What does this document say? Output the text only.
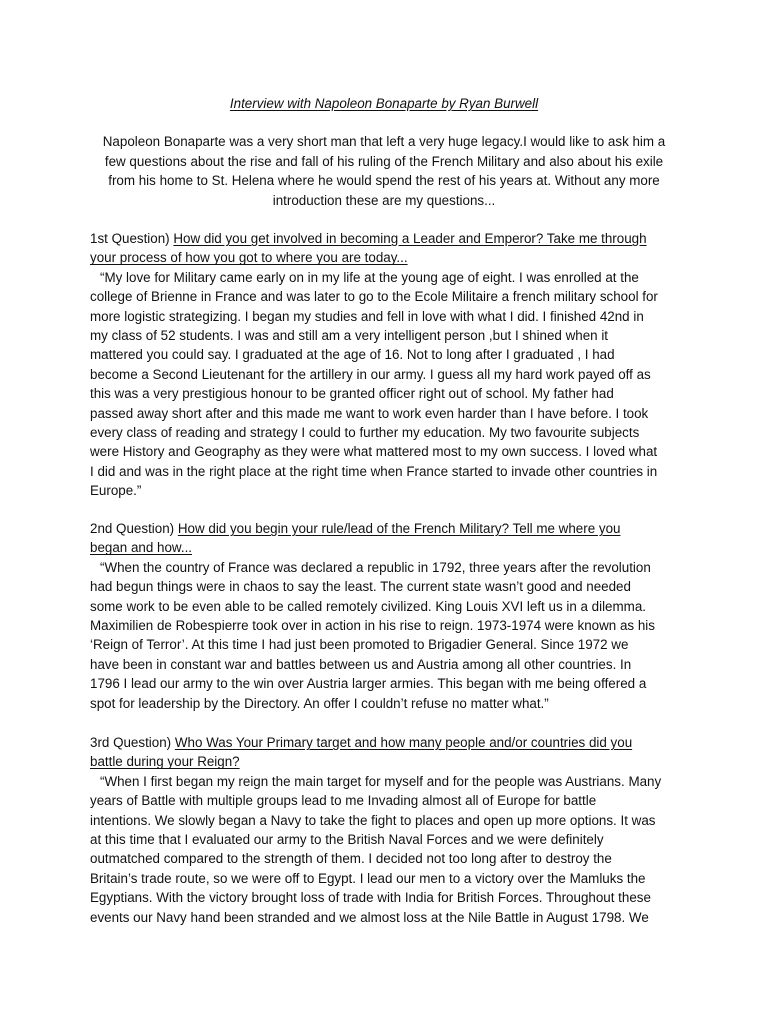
Interview with Napoleon Bonaparte by Ryan Burwell
Napoleon Bonaparte was a very short man that left a very huge legacy.I would like to ask him a
few questions about the rise and fall of his ruling of the French Military and also about his exile
from his home to St. Helena where he would spend the rest of his years at. Without any more
introduction these are my questions...
1st Question) How did you get involved in becoming a Leader and Emperor? Take me through
your process of how you got to where you are today...
“My love for Military came early on in my life at the young age of eight. I was enrolled at the
college of Brienne in France and was later to go to the Ecole Militaire a french military school for
more logistic strategizing. I began my studies and fell in love with what I did. I finished 42nd in
my class of 52 students. I was and still am a very intelligent person ,but I shined when it
mattered you could say. I graduated at the age of 16. Not to long after I graduated , I had
become a Second Lieutenant for the artillery in our army. I guess all my hard work payed off as
this was a very prestigious honour to be granted officer right out of school. My father had
passed away short after and this made me want to work even harder than I have before. I took
every class of reading and strategy I could to further my education. My two favourite subjects
were History and Geography as they were what mattered most to my own success. I loved what
I did and was in the right place at the right time when France started to invade other countries in
Europe.”
2nd Question) How did you begin your rule/lead of the French Military? Tell me where you
began and how...
“When the country of France was declared a republic in 1792, three years after the revolution
had begun things were in chaos to say the least. The current state wasn’t good and needed
some work to be even able to be called remotely civilized. King Louis XVI left us in a dilemma.
Maximilien de Robespierre took over in action in his rise to reign. 1973-1974 were known as his
‘Reign of Terror’. At this time I had just been promoted to Brigadier General. Since 1972 we
have been in constant war and battles between us and Austria among all other countries. In
1796 I lead our army to the win over Austria larger armies. This began with me being offered a
spot for leadership by the Directory. An offer I couldn’t refuse no matter what.”
3rd Question) Who Was Your Primary target and how many people and/or countries did you
battle during your Reign?
“When I first began my reign the main target for myself and for the people was Austrians. Many
years of Battle with multiple groups lead to me Invading almost all of Europe for battle
intentions. We slowly began a Navy to take the fight to places and open up more options. It was
at this time that I evaluated our army to the British Naval Forces and we were definitely
outmatched compared to the strength of them. I decided not too long after to destroy the
Britain’s trade route, so we were off to Egypt. I lead our men to a victory over the Mamluks the
Egyptians. With the victory brought loss of trade with India for British Forces. Throughout these
events our Navy hand been stranded and we almost loss at the Nile Battle in August 1798. We
